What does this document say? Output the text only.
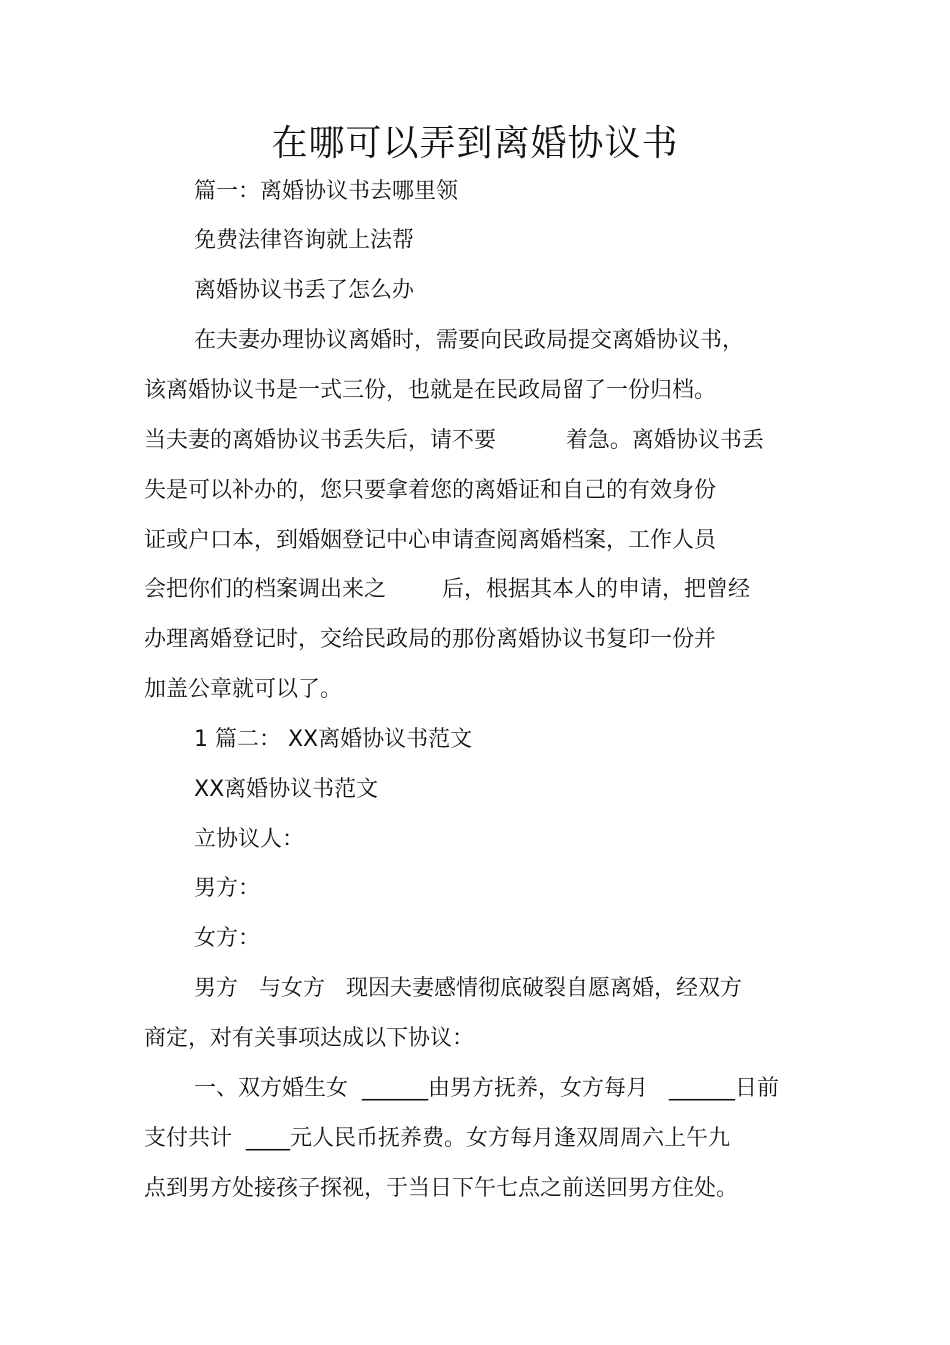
在哪可以弄到离婚协议书
篇一：离婚协议书去哪里领
免费法律咨询就上法帮
离婚协议书丢了怎么办
在夫妻办理协议离婚时，需要向民政局提交离婚协议书，
该离婚协议书是一式三份，也就是在民政局留了一份归档。
当夫妻的离婚协议书丢失后，请不要          着急。离婚协议书丢
失是可以补办的，您只要拿着您的离婚证和自己的有效身份
证或户口本，到婚姻登记中心申请查阅离婚档案，工作人员
会把你们的档案调出来之        后，根据其本人的申请，把曾经
办理离婚登记时，交给民政局的那份离婚协议书复印一份并
加盖公章就可以了。
1 篇二： XX离婚协议书范文
XX离婚协议书范文
立协议人：
男方：
女方：
男方   与女方   现因夫妻感情彻底破裂自愿离婚，经双方
商定，对有关事项达成以下协议：
一、双方婚生女  ______由男方抚养，女方每月   ______日前
支付共计  ____元人民币抚养费。女方每月逢双周周六上午九
点到男方处接孩子探视，于当日下午七点之前送回男方住处。
